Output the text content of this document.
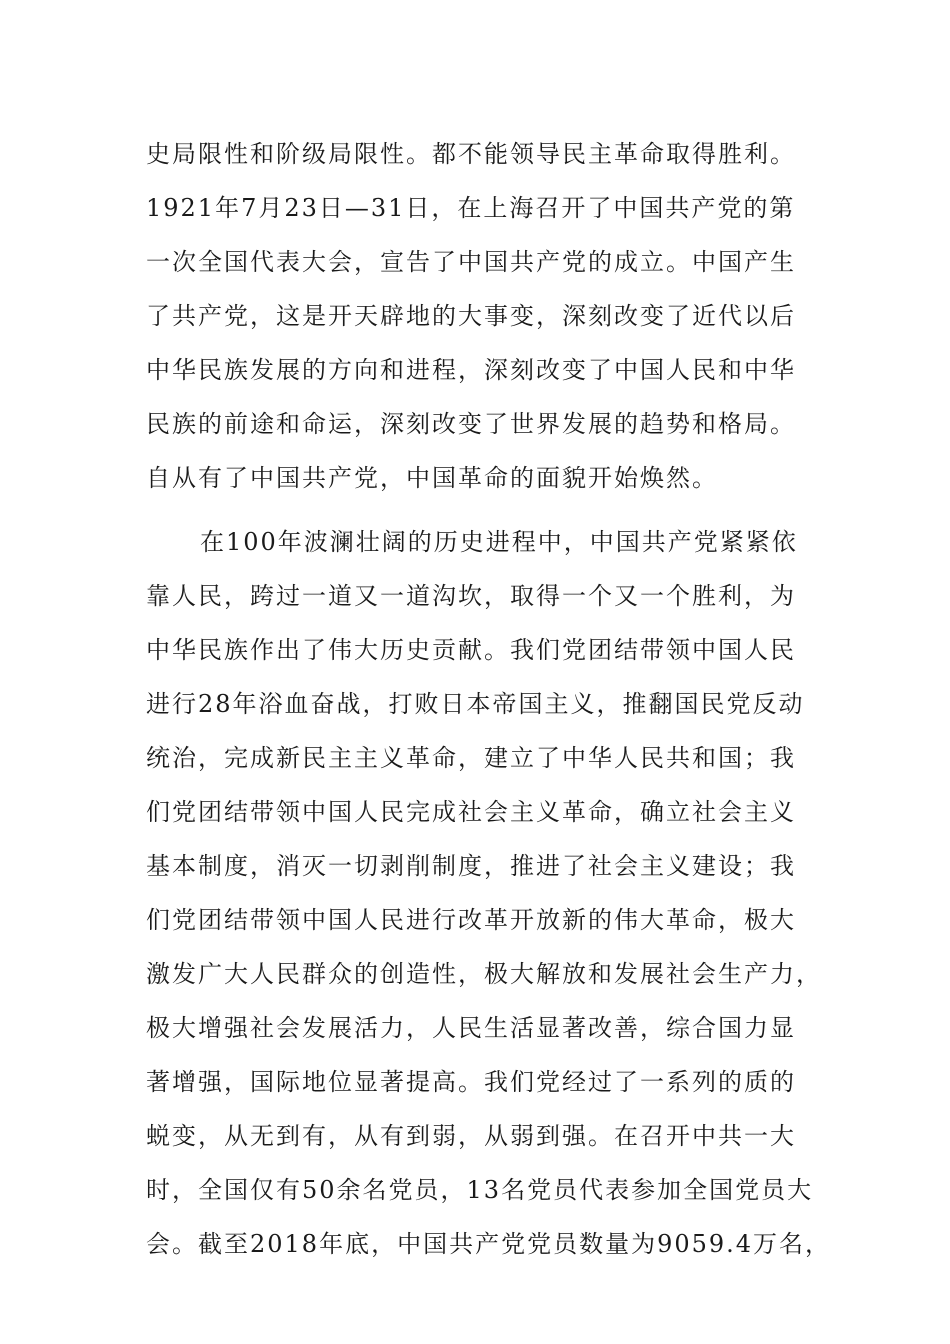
史局限性和阶级局限性。都不能领导民主革命取得胜利。
1921年7月23日—31日，在上海召开了中国共产党的第
一次全国代表大会，宣告了中国共产党的成立。中国产生
了共产党，这是开天辟地的大事变，深刻改变了近代以后
中华民族发展的方向和进程，深刻改变了中国人民和中华
民族的前途和命运，深刻改变了世界发展的趋势和格局。
自从有了中国共产党，中国革命的面貌开始焕然。
在100年波澜壮阔的历史进程中，中国共产党紧紧依
靠人民，跨过一道又一道沟坎，取得一个又一个胜利，为
中华民族作出了伟大历史贡献。我们党团结带领中国人民
进行28年浴血奋战，打败日本帝国主义，推翻国民党反动
统治，完成新民主主义革命，建立了中华人民共和国；我
们党团结带领中国人民完成社会主义革命，确立社会主义
基本制度，消灭一切剥削制度，推进了社会主义建设；我
们党团结带领中国人民进行改革开放新的伟大革命，极大
激发广大人民群众的创造性，极大解放和发展社会生产力，
极大增强社会发展活力，人民生活显著改善，综合国力显
著增强，国际地位显著提高。我们党经过了一系列的质的
蜕变，从无到有，从有到弱，从弱到强。在召开中共一大
时，全国仅有50余名党员，13名党员代表参加全国党员大
会。截至2018年底，中国共产党党员数量为9059.4万名，
